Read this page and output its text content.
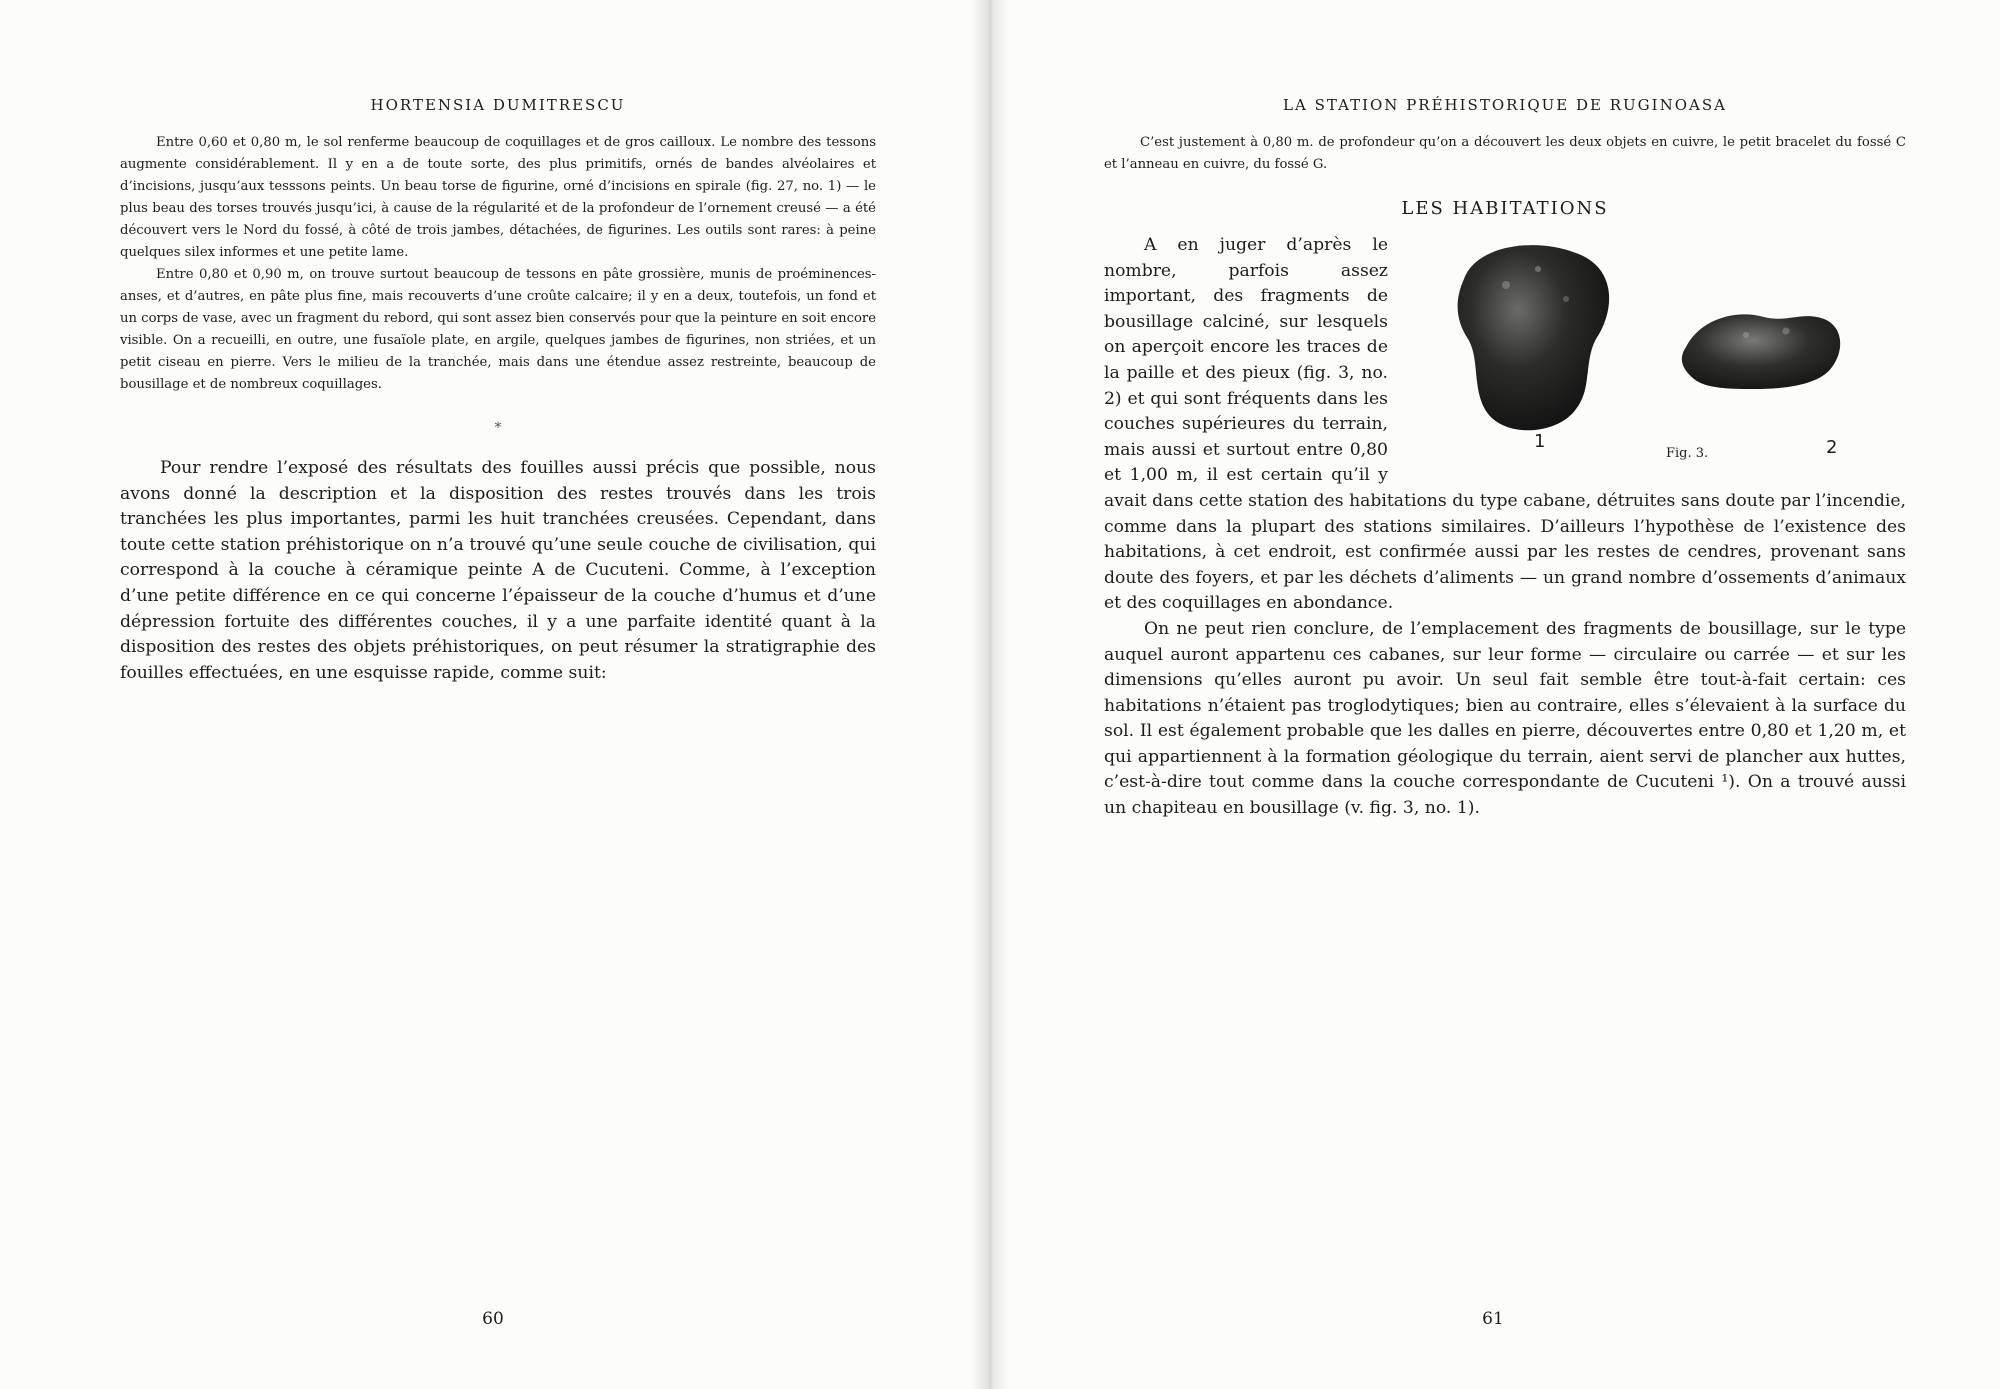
HORTENSIA DUMITRESCU

Entre 0,60 et 0,80 m, le sol renferme beaucoup de coquillages et de gros cailloux. Le nombre des tessons augmente considérablement. Il y en a de toute sorte, des plus primitifs, ornés de bandes alvéolaires et d’incisions, jusqu’aux tesssons peints. Un beau torse de figurine, orné d’incisions en spirale (fig. 27, no. 1) — le plus beau des torses trouvés jusqu’ici, à cause de la régularité et de la profondeur de l’ornement creusé — a été découvert vers le Nord du fossé, à côté de trois jambes, détachées, de figurines. Les outils sont rares: à peine quelques silex informes et une petite lame.

Entre 0,80 et 0,90 m, on trouve surtout beaucoup de tessons en pâte grossière, munis de proéminences-anses, et d’autres, en pâte plus fine, mais recouverts d’une croûte calcaire; il y en a deux, toutefois, un fond et un corps de vase, avec un fragment du rebord, qui sont assez bien conservés pour que la peinture en soit encore visible. On a recueilli, en outre, une fusaïole plate, en argile, quelques jambes de figurines, non striées, et un petit ciseau en pierre. Vers le milieu de la tranchée, mais dans une étendue assez restreinte, beaucoup de bousillage et de nombreux coquillages.

*

Pour rendre l’exposé des résultats des fouilles aussi précis que possible, nous avons donné la description et la disposition des restes trouvés dans les trois tranchées les plus importantes, parmi les huit tranchées creusées. Cependant, dans toute cette station préhistorique on n’a trouvé qu’une seule couche de civilisation, qui correspond à la couche à céramique peinte A de Cucuteni. Comme, à l’exception d’une petite différence en ce qui concerne l’épaisseur de la couche d’humus et d’une dépression fortuite des différentes couches, il y a une parfaite identité quant à la disposition des restes des objets préhistoriques, on peut résumer la stratigraphie des fouilles effectuées, en une esquisse rapide, comme suit:

60
LA STATION PRÉHISTORIQUE DE RUGINOASA

C’est justement à 0,80 m. de profondeur qu’on a découvert les deux objets en cuivre, le petit bracelet du fossé C et l’anneau en cuivre, du fossé G.

LES HABITATIONS

1	2
Fig. 3.
A en juger d’après le nombre, parfois assez important, des fragments de bousillage calciné, sur lesquels on aperçoit encore les traces de la paille et des pieux (fig. 3, no. 2) et qui sont fréquents dans les couches supérieures du terrain, mais aussi et surtout entre 0,80 et 1,00 m, il est certain qu’il y avait dans cette station des habitations du type cabane, détruites sans doute par l’incendie, comme dans la plupart des stations similaires. D’ailleurs l’hypothèse de l’existence des habitations, à cet endroit, est confirmée aussi par les restes de cendres, provenant sans doute des foyers, et par les déchets d’aliments — un grand nombre d’ossements d’animaux et des coquillages en abondance.

On ne peut rien conclure, de l’emplacement des fragments de bousillage, sur le type auquel auront appartenu ces cabanes, sur leur forme — circulaire ou carrée — et sur les dimensions qu’elles auront pu avoir. Un seul fait semble être tout-à-fait certain: ces habitations n’étaient pas troglodytiques; bien au contraire, elles s’élevaient à la surface du sol. Il est également probable que les dalles en pierre, découvertes entre 0,80 et 1,20 m, et qui appartiennent à la formation géologique du terrain, aient servi de plancher aux huttes, c’est-à-dire tout comme dans la couche correspondante de Cucuteni ¹). On a trouvé aussi un chapiteau en bousillage (v. fig. 3, no. 1).

61
